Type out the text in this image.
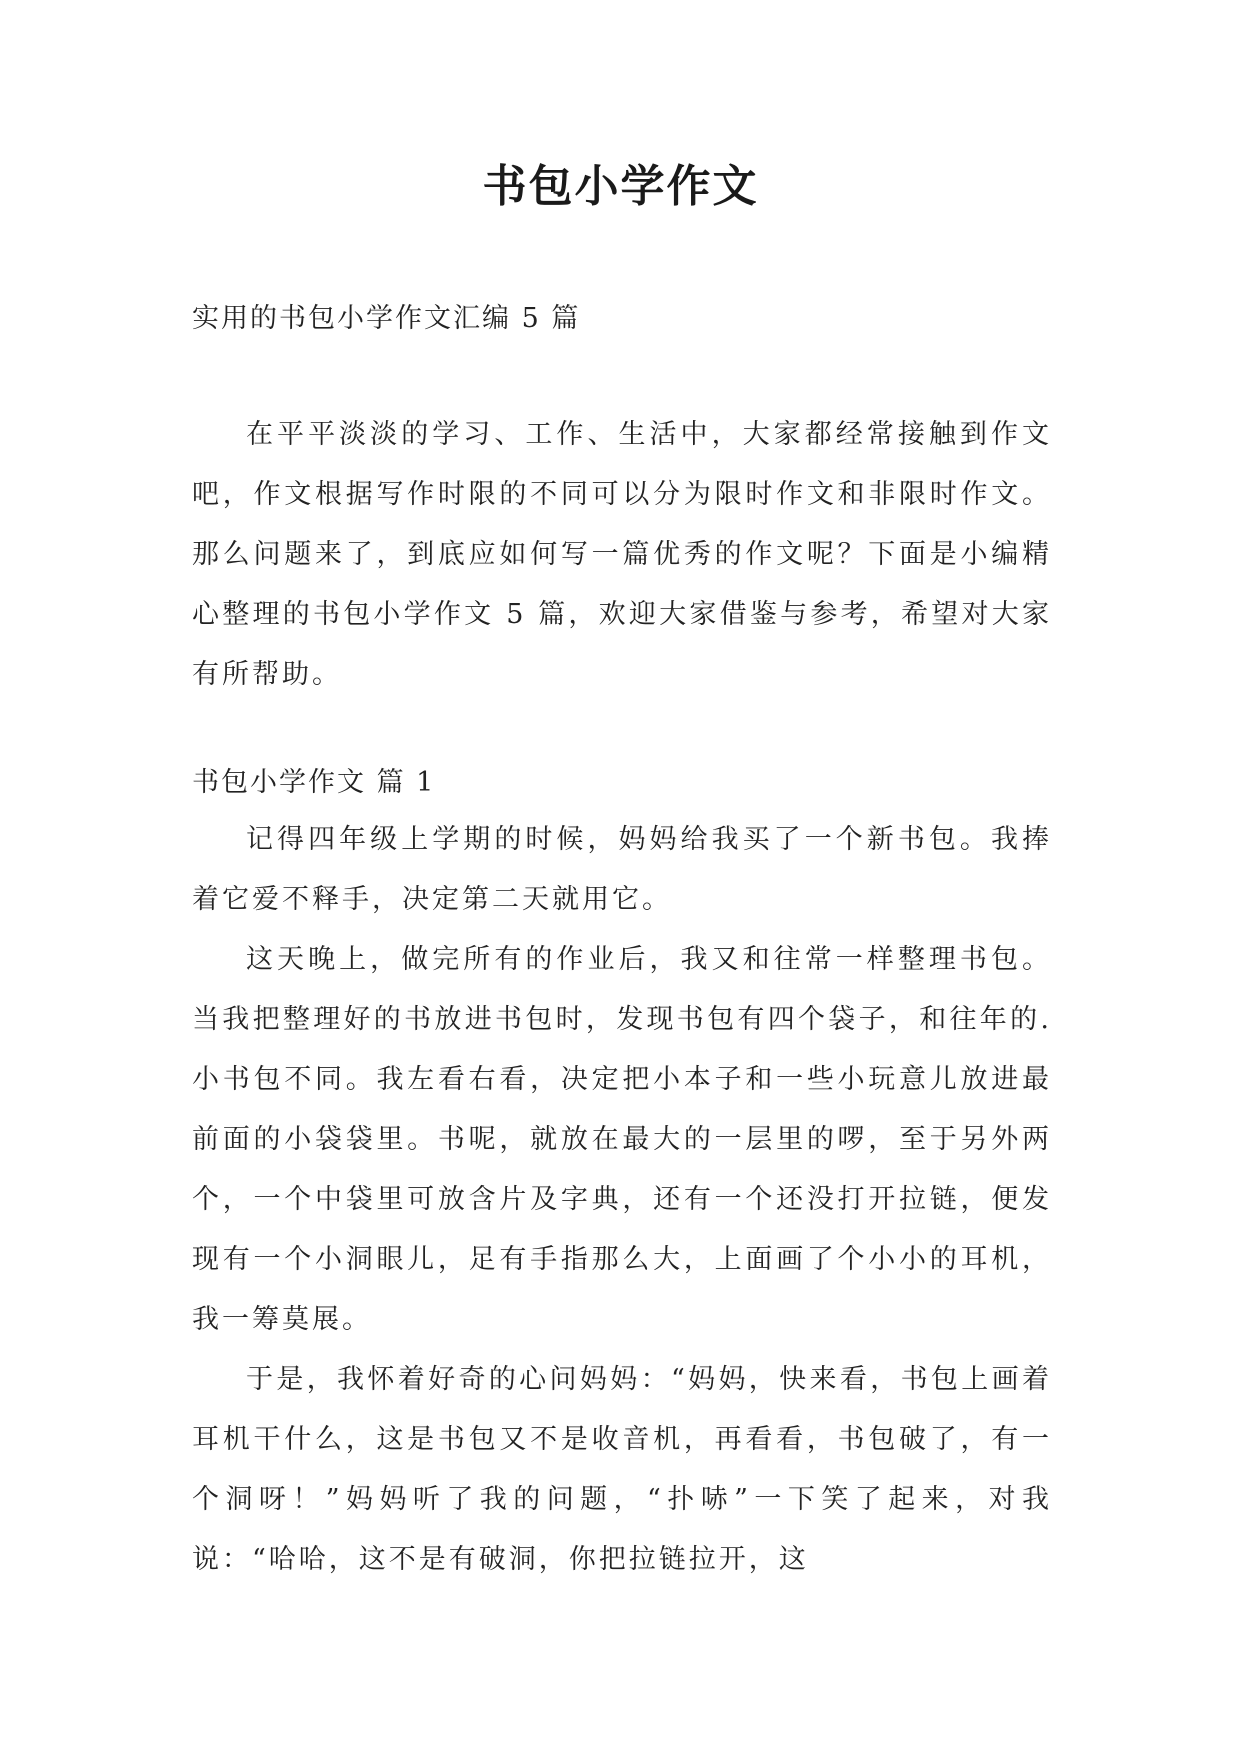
书包小学作文
实用的书包小学作文汇编 5 篇

在平平淡淡的学习、工作、生活中，大家都经常接触到作文吧，作文根据写作时限的不同可以分为限时作文和非限时作文。那么问题来了，到底应如何写一篇优秀的作文呢？下面是小编精心整理的书包小学作文 5 篇，欢迎大家借鉴与参考，希望对大家有所帮助。

书包小学作文 篇 1

记得四年级上学期的时候，妈妈给我买了一个新书包。我捧着它爱不释手，决定第二天就用它。

这天晚上，做完所有的作业后，我又和往常一样整理书包。当我把整理好的书放进书包时，发现书包有四个袋子，和往年的.小书包不同。我左看右看，决定把小本子和一些小玩意儿放进最前面的小袋袋里。书呢，就放在最大的一层里的啰，至于另外两个，一个中袋里可放含片及字典，还有一个还没打开拉链，便发现有一个小洞眼儿，足有手指那么大，上面画了个小小的耳机，我一筹莫展。

于是，我怀着好奇的心问妈妈：“妈妈，快来看，书包上画着耳机干什么，这是书包又不是收音机，再看看，书包破了，有一个洞呀！”妈妈听了我的问题，“扑哧”一下笑了起来，对我说：“哈哈，这不是有破洞，你把拉链拉开，这
